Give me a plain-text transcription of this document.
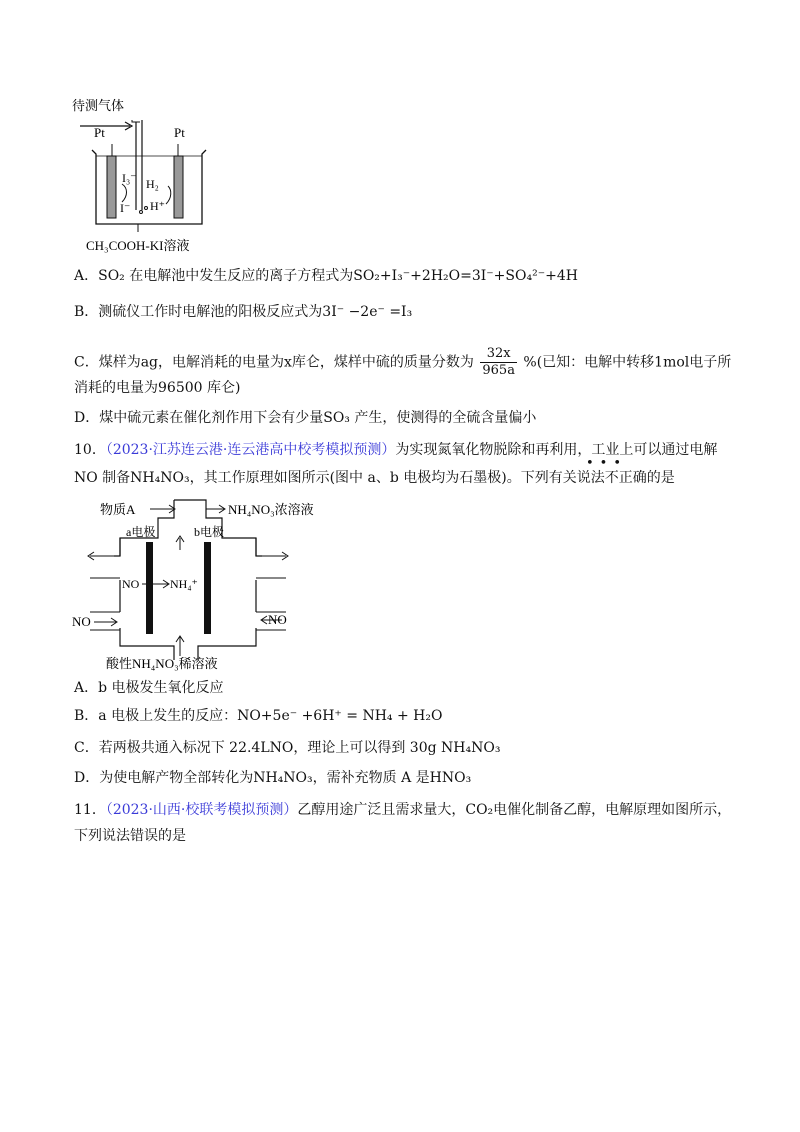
待测气体
Pt	Pt
I₃⁻
I⁻
H₂
H⁺
CH₃COOH-KI溶液
A．SO₂ 在电解池中发生反应的离子方程式为SO₂+I₃⁻+2H₂O=3I⁻+SO₄²⁻+4H
B．测硫仪工作时电解池的阳极反应式为3I⁻ −2e⁻ =I₃
C．煤样为ag，电解消耗的电量为x库仑，煤样中硫的质量分数为 $\frac{32x}{965a}$ %(已知：电解中转移1mol电子所
消耗的电量为96500 库仑)
D．煤中硫元素在催化剂作用下会有少量SO₃ 产生，使测得的全硫含量偏小
10．（2023·江苏连云港·连云港高中校考模拟预测）为实现氮氧化物脱除和再利用，工业上可以通过电解
•••
NO 制备NH₄NO₃，其工作原理如图所示(图中 a、b 电极均为石墨极)。下列有关说法不正确的是
物质A	NH₄NO₃浓溶液
a电极	b电极
NO	NH₄⁺
NO	NO
酸性NH₄NO₃稀溶液
A．b 电极发生氧化反应
B．a 电极上发生的反应：NO+5e⁻ +6H⁺ = NH₄ + H₂O
C．若两极共通入标况下 22.4LNO，理论上可以得到 30g NH₄NO₃
D．为使电解产物全部转化为NH₄NO₃，需补充物质 A 是HNO₃
11．（2023·山西·校联考模拟预测）乙醇用途广泛且需求量大，CO₂电催化制备乙醇，电解原理如图所示，
下列说法错误的是
